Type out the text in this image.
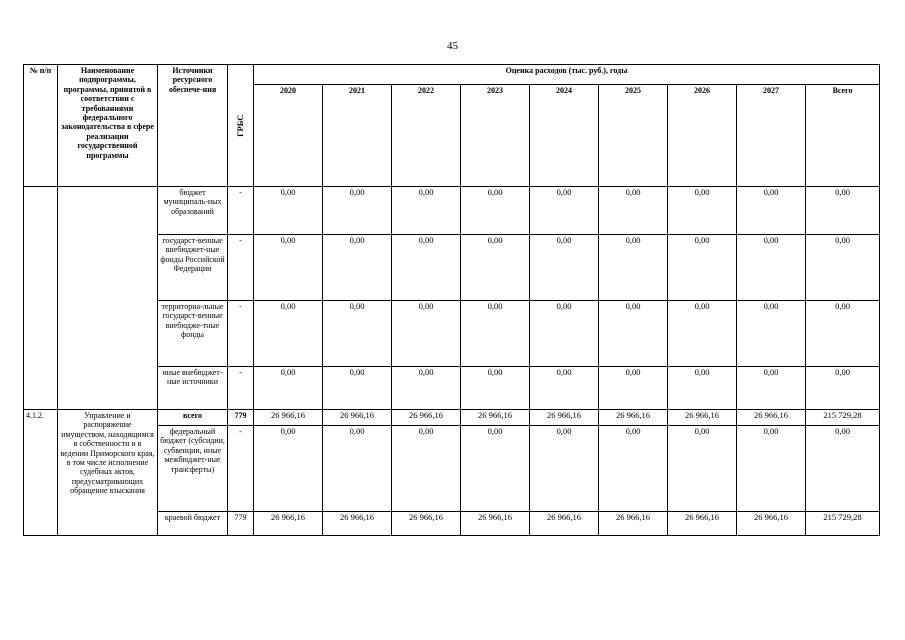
45
№ п/п	Наименование подпрограммы, программы, принятой в соответствии с требованиями федерального законодательства в сфере реализации государственной программы	Источники ресурсного обеспече-ния	ГРБС	Оценка расходов (тыс. руб.), годы								
				2020	2021	2022	2023	2024	2025	2026	2027	Всего
		бюджет муниципаль-ных образований	-	0,00	0,00	0,00	0,00	0,00	0,00	0,00	0,00	0,00
		государст-венные внебюджет-ные фонды Российской Федерации	-	0,00	0,00	0,00	0,00	0,00	0,00	0,00	0,00	0,00
		территориа-льные государст-венные внебюдже-тные фонды	-	0,00	0,00	0,00	0,00	0,00	0,00	0,00	0,00	0,00
		иные внебюджет-ные источники	-	0,00	0,00	0,00	0,00	0,00	0,00	0,00	0,00	0,00
4.1.2.	Управление и распоряжение имуществом, находящимся в собственности и в ведении Приморского края, в том числе исполнение судебных актов, предусматривающих обращение взыскания	всего	779	26 966,16	26 966,16	26 966,16	26 966,16	26 966,16	26 966,16	26 966,16	26 966,16	215 729,28
		федеральный бюджет (субсидии, субвенции, иные межбюджет-ные трансферты)	-	0,00	0,00	0,00	0,00	0,00	0,00	0,00	0,00	0,00
		краевой бюджет	779	26 966,16	26 966,16	26 966,16	26 966,16	26 966,16	26 966,16	26 966,16	26 966,16	215 729,28
